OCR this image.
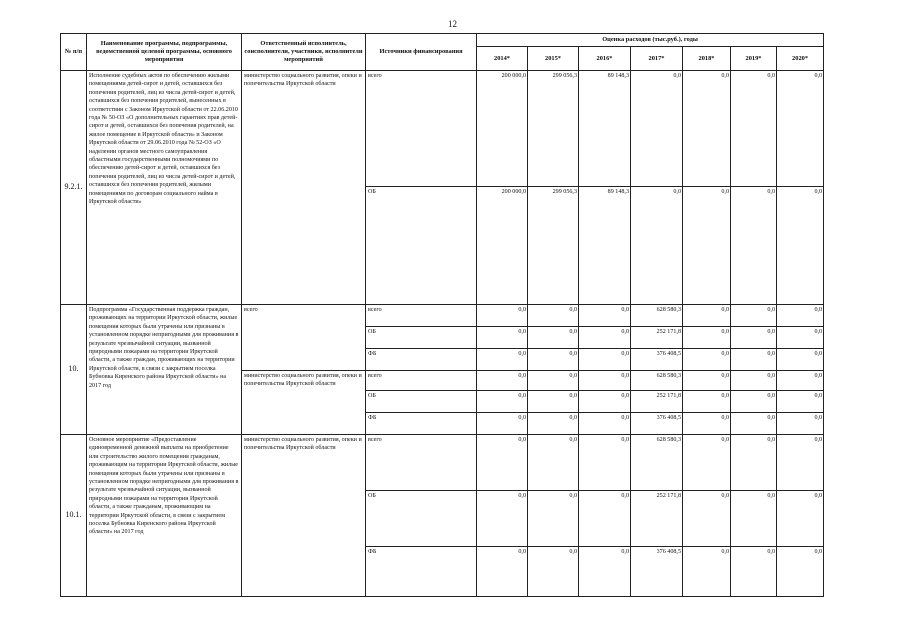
12
№ п/п	Наименование программы, подпрограммы, ведомственной целевой программы, основного мероприятия	Ответственный исполнитель, соисполнители, участники, исполнители мероприятий	Источники финансирования	Оценка расходов (тыс.руб.), годы						
				2014*	2015*	2016*	2017*	2018*	2019*	2020*
9.2.1.	Исполнение судебных актов по обеспечению жилыми помещениями детей-сирот и детей, оставшихся без попечения родителей, лиц из числа детей-сирот и детей, оставшихся без попечения родителей, вынесенных в соответствии с Законом Иркутской области от 22.06.2010 года № 50-ОЗ «О дополнительных гарантиях прав детей-сирот и детей, оставшихся без попечения родителей, на жилое помещение в Иркутской области» и Законом Иркутской области от 29.06.2010 года № 52-ОЗ «О наделении органов местного самоуправления областными государственными полномочиями по обеспечению детей-сирот и детей, оставшихся без попечения родителей, лиц из числа детей-сирот и детей, оставшихся без попечения родителей, жилыми помещениями по договорам социального найма в Иркутской области»	министерство социального развития, опеки и попечительства Иркутской области	всего	200 000,0	299 056,3	89 148,3	0,0	0,0	0,0	0,0
			ОБ	200 000,0	299 056,3	89 148,3	0,0	0,0	0,0	0,0
10.	Подпрограмма «Государственная поддержка граждан, проживающих на территории Иркутской области, жилые помещения которых были утрачены или признаны в установленном порядке непригодными для проживания в результате чрезвычайной ситуации, вызванной природными пожарами на территории Иркутской области, а также граждан, проживающих на территории Иркутской области, в связи с закрытием поселка Бубновка Киренского района Иркутской области» на 2017 год	всего	всего	0,0	0,0	0,0	628 580,3	0,0	0,0	0,0
			ОБ	0,0	0,0	0,0	252 171,8	0,0	0,0	0,0
			ФБ	0,0	0,0	0,0	376 408,5	0,0	0,0	0,0
		министерство социального развития, опеки и попечительства Иркутской области	всего	0,0	0,0	0,0	628 580,3	0,0	0,0	0,0
			ОБ	0,0	0,0	0,0	252 171,8	0,0	0,0	0,0
			ФБ	0,0	0,0	0,0	376 408,5	0,0	0,0	0,0
10.1.	Основное мероприятие «Предоставление единовременной денежной выплаты на приобретение или строительство жилого помещения гражданам, проживающим на территории Иркутской области, жилые помещения которых были утрачены или признаны в установленном порядке непригодными для проживания в результате чрезвычайной ситуации, вызванной природными пожарами на территории Иркутской области, а также гражданам, проживающим на территории Иркутской области, в связи с закрытием поселка Бубновка Киренского района Иркутской области» на 2017 год	министерство социального развития, опеки и попечительства Иркутской области	всего	0,0	0,0	0,0	628 580,3	0,0	0,0	0,0
			ОБ	0,0	0,0	0,0	252 171,8	0,0	0,0	0,0
			ФБ	0,0	0,0	0,0	376 408,5	0,0	0,0	0,0
